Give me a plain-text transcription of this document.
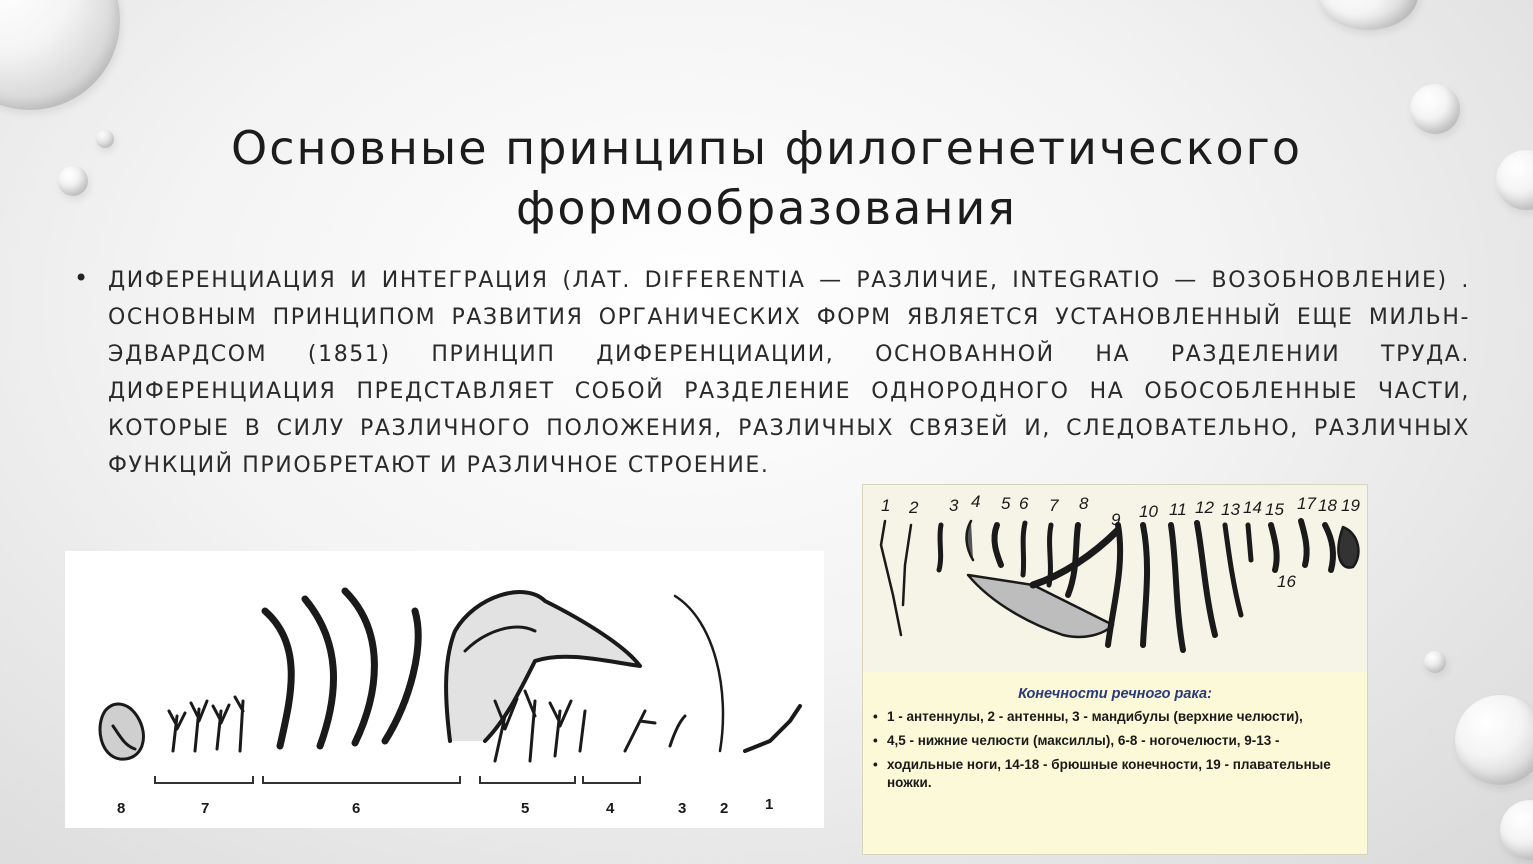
Основные принципы филогенетического
формообразования
• ДИФЕРЕНЦИАЦИЯ И ИНТЕГРАЦИЯ (ЛАТ. DIFFERENTIA — РАЗЛИЧИЕ, INTEGRATIO — ВОЗОБНОВЛЕНИЕ) . ОСНОВНЫМ ПРИНЦИПОМ РАЗВИТИЯ ОРГАНИЧЕСКИХ ФОРМ ЯВЛЯЕТСЯ УСТАНОВЛЕННЫЙ ЕЩЕ МИЛЬН-ЭДВАРДСОМ (1851) ПРИНЦИП ДИФЕРЕНЦИАЦИИ, ОСНОВАННОЙ НА РАЗДЕЛЕНИИ ТРУДА. ДИФЕРЕНЦИАЦИЯ ПРЕДСТАВЛЯЕТ СОБОЙ РАЗДЕЛЕНИЕ ОДНОРОДНОГО НА ОБОСОБЛЕННЫЕ ЧАСТИ, КОТОРЫЕ В СИЛУ РАЗЛИЧНОГО ПОЛОЖЕНИЯ, РАЗЛИЧНЫХ СВЯЗЕЙ И, СЛЕДОВАТЕЛЬНО, РАЗЛИЧНЫХ ФУНКЦИЙ ПРИОБРЕТАЮТ И РАЗЛИЧНОЕ СТРОЕНИЕ.

8	7	6	5	4	3 2 1
1 2 3 4 5 6 7 8
9 10 11 12 13 14 15
16
17 18 19
Конечности речного рака:
• 1 - антеннулы, 2 - антенны, 3 - мандибулы (верхние челюсти),
• 4,5 - нижние челюсти (максиллы), 6-8 - ногочелюсти, 9-13 -
• ходильные ноги, 14-18 - брюшные конечности, 19 - плавательные ножки.
